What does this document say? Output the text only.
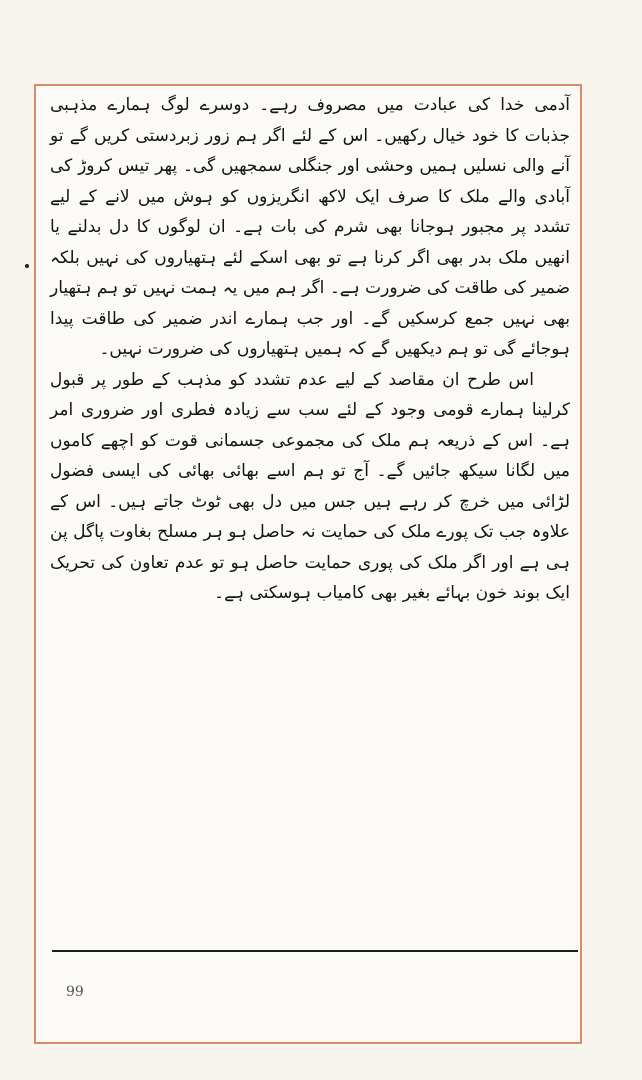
آدمی خدا کی عبادت میں مصروف رہے۔ دوسرے لوگ ہمارے مذہبی جذبات کا خود خیال رکھیں۔ اس کے لئے اگر ہم زور زبردستی کریں گے تو آنے والی نسلیں ہمیں وحشی اور جنگلی سمجھیں گی۔ پھر تیس کروڑ کی آبادی والے ملک کا صرف ایک لاکھ انگریزوں کو ہوش میں لانے کے لیے تشدد پر مجبور ہوجانا بھی شرم کی بات ہے۔ ان لوگوں کا دل بدلنے یا انھیں ملک بدر بھی اگر کرنا ہے تو بھی اسکے لئے ہتھیاروں کی نہیں بلکہ ضمیر کی طاقت کی ضرورت ہے۔ اگر ہم میں یہ ہمت نہیں تو ہم ہتھیار بھی نہیں جمع کرسکیں گے۔ اور جب ہمارے اندر ضمیر کی طاقت پیدا ہوجائے گی تو ہم دیکھیں گے کہ ہمیں ہتھیاروں کی ضرورت نہیں۔

اس طرح ان مقاصد کے لیے عدم تشدد کو مذہب کے طور پر قبول کرلینا ہمارے قومی وجود کے لئے سب سے زیادہ فطری اور ضروری امر ہے۔ اس کے ذریعہ ہم ملک کی مجموعی جسمانی قوت کو اچھے کاموں میں لگانا سیکھ جائیں گے۔ آج تو ہم اسے بھائی بھائی کی ایسی فضول لڑائی میں خرچ کر رہے ہیں جس میں دل بھی ٹوٹ جاتے ہیں۔ اس کے علاوہ جب تک پورے ملک کی حمایت نہ حاصل ہو ہر مسلح بغاوت پاگل پن ہی ہے اور اگر ملک کی پوری حمایت حاصل ہو تو عدم تعاون کی تحریک ایک بوند خون بہائے بغیر بھی کامیاب ہوسکتی ہے۔

99
